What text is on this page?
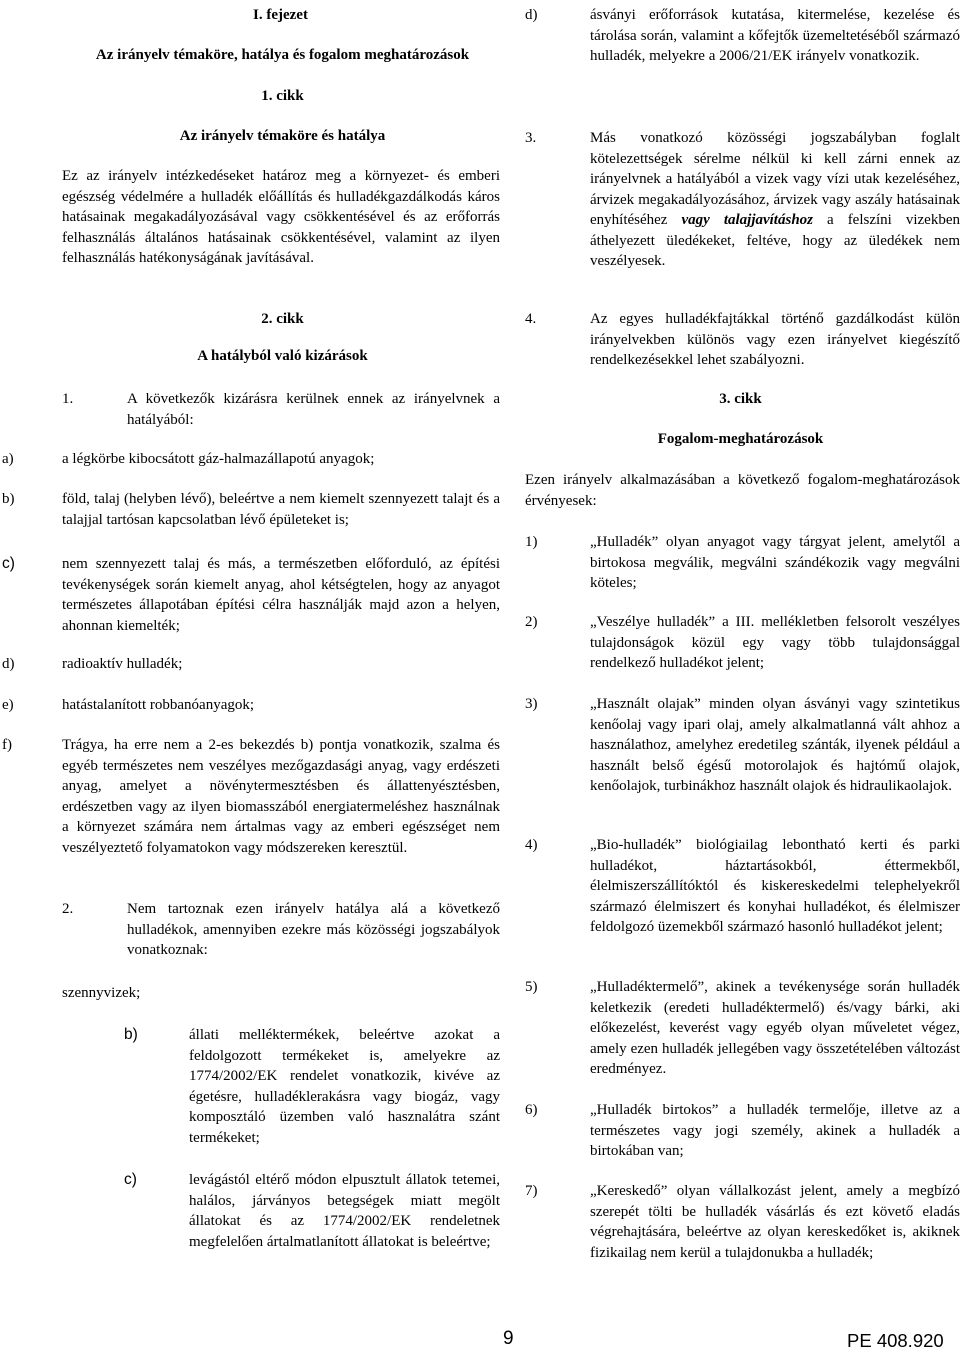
I. fejezet
Az irányelv témaköre, hatálya és fogalom meghatározások
1. cikk
Az irányelv témaköre és hatálya
Ez az irányelv intézkedéseket határoz meg a környezet- és emberi egészség védelmére a hulladék előállítás és hulladékgazdálkodás káros hatásainak megakadályozásával vagy csökkentésével és az erőforrás felhasználás általános hatásainak csökkentésével, valamint az ilyen felhasználás hatékonyságának javításával.
2. cikk
A hatályból való kizárások
1.	A következők kizárásra kerülnek ennek az irányelvnek a hatályából:
a)	a légkörbe kibocsátott gáz-halmazállapotú anyagok;
b)	föld, talaj (helyben lévő), beleértve a nem kiemelt szennyezett talajt és a talajjal tartósan kapcsolatban lévő épületeket is;
c)	nem szennyezett talaj és más, a természetben előforduló, az építési tevékenységek során kiemelt anyag, ahol kétségtelen, hogy az anyagot természetes állapotában építési célra használják majd azon a helyen, ahonnan kiemelték;
d)	radioaktív hulladék;
e)	hatástalanított robbanóanyagok;
f)	Trágya, ha erre nem a 2-es bekezdés b) pontja vonatkozik, szalma és egyéb természetes nem veszélyes mezőgazdasági anyag, vagy erdészeti anyag, amelyet a növénytermesztésben és állattenyésztésben, erdészetben vagy az ilyen biomasszából energiatermeléshez használnak a környezet számára nem ártalmas vagy az emberi egészséget nem veszélyeztető folyamatokon vagy módszereken keresztül.
2.	Nem tartoznak ezen irányelv hatálya alá a következő hulladékok, amennyiben ezekre más közösségi jogszabályok vonatkoznak:
szennyvizek;
b)	állati melléktermékek, beleértve azokat a feldolgozott termékeket is, amelyekre az 1774/2002/EK rendelet vonatkozik, kivéve az égetésre, hulladéklerakásra vagy biogáz, vagy komposztáló üzemben való hasznalátra szánt termékeket;
c)	levágástól eltérő módon elpusztult állatok tetemei, halálos, járványos betegségek miatt megölt állatokat és az 1774/2002/EK rendeletnek megfelelően ártalmatlanított állatokat is beleértve;
d)	ásványi erőforrások kutatása, kitermelése, kezelése és tárolása során, valamint a kőfejtők üzemeltetéséből származó hulladék, melyekre a 2006/21/EK irányelv vonatkozik.
3.	Más vonatkozó közösségi jogszabályban foglalt kötelezettségek sérelme nélkül ki kell zárni ennek az irányelvnek a hatályából a vizek vagy vízi utak kezeléséhez, árvizek megakadályozásához, árvizek vagy aszály hatásainak enyhítéséhez vagy talajjavításhoz a felszíni vizekben áthelyezett üledékeket, feltéve, hogy az üledékek nem veszélyesek.
4.	Az egyes hulladékfajtákkal történő gazdálkodást külön irányelvekben különös vagy ezen irányelvet kiegészítő rendelkezésekkel lehet szabályozni.
3. cikk
Fogalom-meghatározások
Ezen irányelv alkalmazásában a következő fogalom-meghatározások érvényesek:
1)	„Hulladék” olyan anyagot vagy tárgyat jelent, amelytől a birtokosa megválik, megválni szándékozik vagy megválni köteles;
2)	„Veszélye hulladék” a III. mellékletben felsorolt veszélyes tulajdonságok közül egy vagy több tulajdonsággal rendelkező hulladékot jelent;
3)	„Használt olajak” minden olyan ásványi vagy szintetikus kenőolaj vagy ipari olaj, amely alkalmatlanná vált ahhoz a használathoz, amelyhez eredetileg szánták, ilyenek például a használt belső égésű motorolajok és hajtómű olajok, kenőolajok, turbinákhoz használt olajok és hidraulikaolajok.
4)	„Bio-hulladék” biológiailag lebontható kerti és parki hulladékot, háztartásokból, éttermekből, élelmiszerszállítóktól és kiskereskedelmi telephelyekről származó élelmiszert és konyhai hulladékot, és élelmiszer feldolgozó üzemekből származó hasonló hulladékot jelent;
5)	„Hulladéktermelő”, akinek a tevékenysége során hulladék keletkezik (eredeti hulladéktermelő) és/vagy bárki, aki előkezelést, keverést vagy egyéb olyan műveletet végez, amely ezen hulladék jellegében vagy összetételében változást eredményez.
6)	„Hulladék birtokos” a hulladék termelője, illetve az a természetes vagy jogi személy, akinek a hulladék a birtokában van;
7)	„Kereskedő” olyan vállalkozást jelent, amely a megbízó szerepét tölti be hulladék vásárlás és ezt követő eladás végrehajtására, beleértve az olyan kereskedőket is, akiknek fizikailag nem kerül a tulajdonukba a hulladék;
9	PE 408.920
